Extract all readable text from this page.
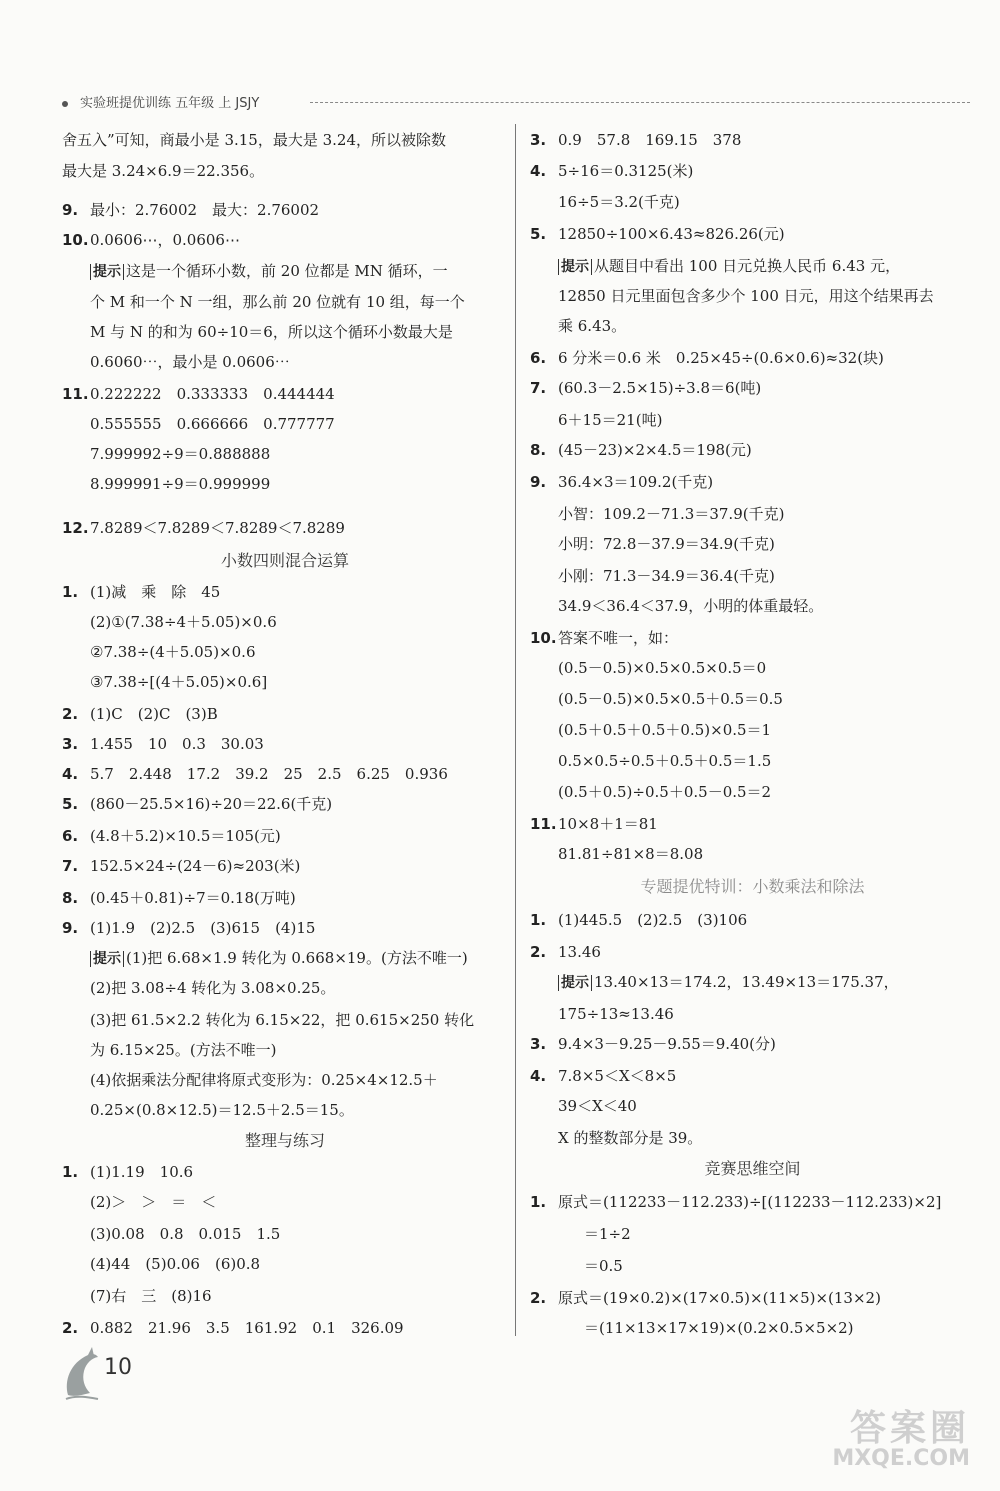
实验班提优训练 五年级 上 JSJY
舍五入”可知，商最小是 3.15，最大是 3.24，所以被除数
最大是 3.24×6.9＝22.356。
9. 最小：2.76002　最大：2.76002
10.0.0606⋯，0.0606⋯
提示 这是一个循环小数，前 20 位都是 MN 循环，一
个 M 和一个 N 一组，那么前 20 位就有 10 组，每一个
M 与 N 的和为 60÷10＝6，所以这个循环小数最大是
0.6060⋯，最小是 0.0606⋯
11.0.222222　0.333333　0.444444
0.555555　0.666666　0.777777
7.999992÷9＝0.888888
8.999991÷9＝0.999999
12.7.8289＜7.8289＜7.8289＜7.8289
小数四则混合运算
1. (1)减　乘　除　45
(2)①(7.38÷4＋5.05)×0.6
②7.38÷(4＋5.05)×0.6
③7.38÷[(4＋5.05)×0.6]
2. (1)C　(2)C　(3)B
3. 1.455　10　0.3　30.03
4. 5.7　2.448　17.2　39.2　25　2.5　6.25　0.936
5. (860－25.5×16)÷20＝22.6(千克)
6. (4.8＋5.2)×10.5＝105(元)
7. 152.5×24÷(24－6)≈203(米)
8. (0.45＋0.81)÷7＝0.18(万吨)
9. (1)1.9　(2)2.5　(3)615　(4)15
提示 (1)把 6.68×1.9 转化为 0.668×19。(方法不唯一)
(2)把 3.08÷4 转化为 3.08×0.25。
(3)把 61.5×2.2 转化为 6.15×22，把 0.615×250 转化
为 6.15×25。(方法不唯一)
(4)依据乘法分配律将原式变形为：0.25×4×12.5＋
0.25×(0.8×12.5)＝12.5＋2.5＝15。
整理与练习
1. (1)1.19　10.6
(2)＞　＞　＝　＜
(3)0.08　0.8　0.015　1.5
(4)44　(5)0.06　(6)0.8
(7)右　三　(8)16
2. 0.882　21.96　3.5　161.92　0.1　326.09
3. 0.9　57.8　169.15　378
4. 5÷16＝0.3125(米)
16÷5＝3.2(千克)
5. 12850÷100×6.43≈826.26(元)
提示 从题目中看出 100 日元兑换人民币 6.43 元，
12850 日元里面包含多少个 100 日元，用这个结果再去
乘 6.43。
6. 6 分米＝0.6 米　0.25×45÷(0.6×0.6)≈32(块)
7. (60.3－2.5×15)÷3.8＝6(吨)
6＋15＝21(吨)
8. (45－23)×2×4.5＝198(元)
9. 36.4×3＝109.2(千克)
小智：109.2－71.3＝37.9(千克)
小明：72.8－37.9＝34.9(千克)
小刚：71.3－34.9＝36.4(千克)
34.9＜36.4＜37.9，小明的体重最轻。
10.答案不唯一，如：
(0.5－0.5)×0.5×0.5×0.5＝0
(0.5－0.5)×0.5×0.5＋0.5＝0.5
(0.5＋0.5＋0.5＋0.5)×0.5＝1
0.5×0.5÷0.5＋0.5＋0.5＝1.5
(0.5＋0.5)÷0.5＋0.5－0.5＝2
11.10×8＋1＝81
81.81÷81×8＝8.08
专题提优特训：小数乘法和除法
1. (1)445.5　(2)2.5　(3)106
2. 13.46
提示 13.40×13＝174.2，13.49×13＝175.37，
175÷13≈13.46
3. 9.4×3－9.25－9.55＝9.40(分)
4. 7.8×5＜X＜8×5
39＜X＜40
X 的整数部分是 39。
竞赛思维空间
1. 原式＝(112233－112.233)÷[(112233－112.233)×2]
＝1÷2
＝0.5
2. 原式＝(19×0.2)×(17×0.5)×(11×5)×(13×2)
＝(11×13×17×19)×(0.2×0.5×5×2)
10
答案圈
MXQE.COM
